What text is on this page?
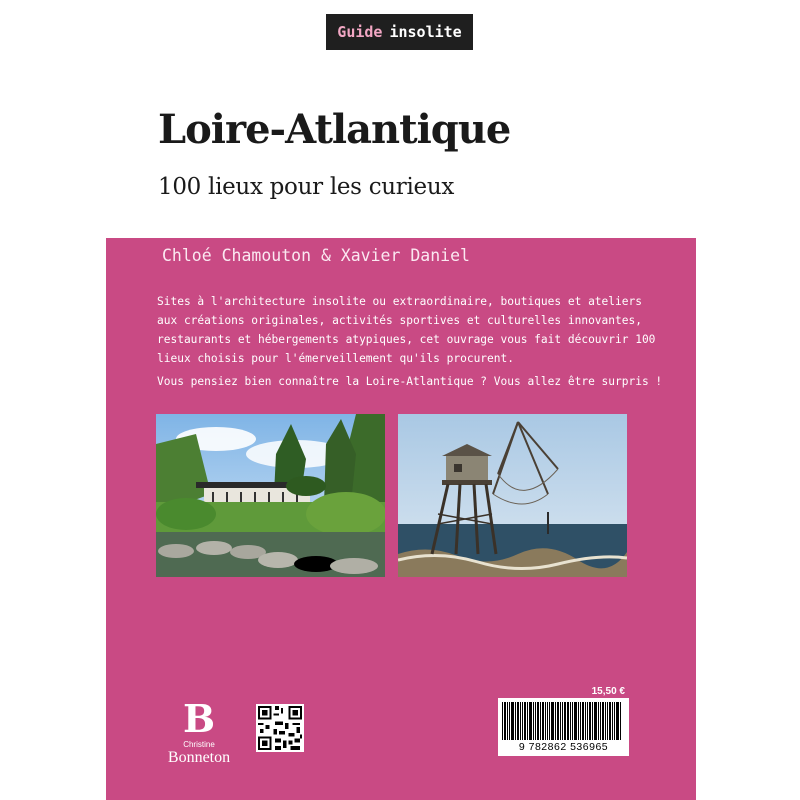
Guide insolite
Loire-Atlantique
100 lieux pour les curieux
Chloé Chamouton & Xavier Daniel

Sites à l'architecture insolite ou extraordinaire, boutiques et ateliers aux créations originales, activités sportives et culturelles innovantes, restaurants et hébergements atypiques, cet ouvrage vous fait découvrir 100 lieux choisis pour l'émerveillement qu'ils procurent.

Vous pensiez bien connaître la Loire-Atlantique ? Vous allez être surpris !

B
Christine
Bonneton
15,50 €
9 782862 536965
